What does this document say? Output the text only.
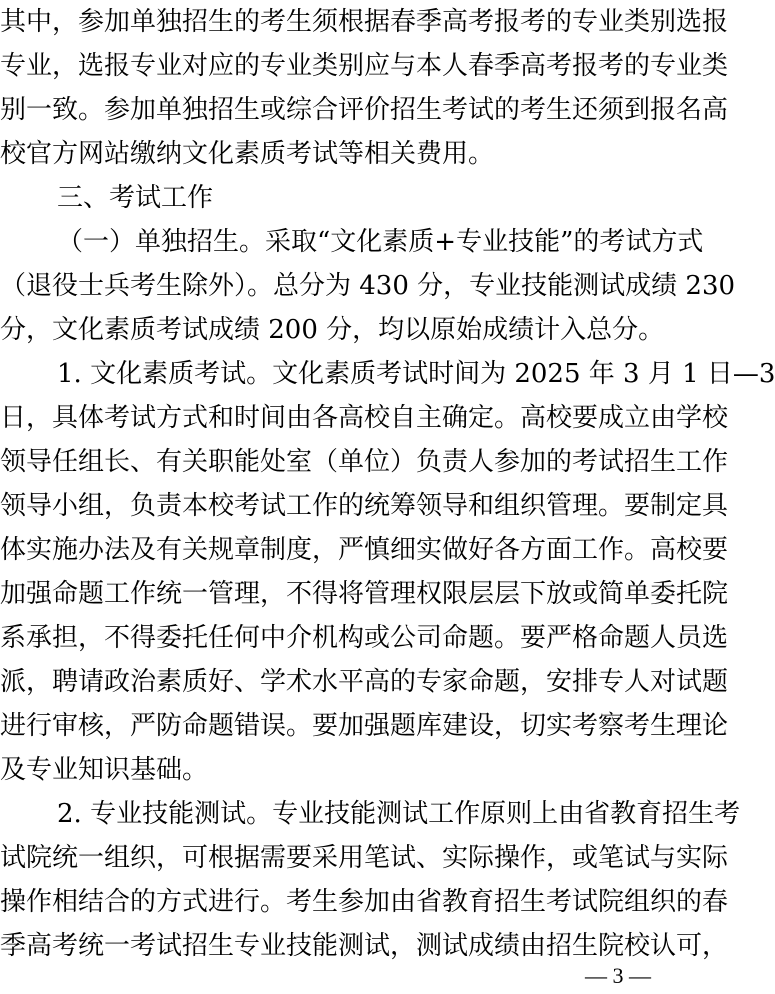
其中，参加单独招生的考生须根据春季高考报考的专业类别选报
专业，选报专业对应的专业类别应与本人春季高考报考的专业类
别一致。参加单独招生或综合评价招生考试的考生还须到报名高
校官方网站缴纳文化素质考试等相关费用。
三、考试工作
（一）单独招生。采取“文化素质+专业技能”的考试方式
（退役士兵考生除外）。总分为 430 分，专业技能测试成绩 230
分，文化素质考试成绩 200 分，均以原始成绩计入总分。
1. 文化素质考试。文化素质考试时间为 2025 年 3 月 1 日—3
日，具体考试方式和时间由各高校自主确定。高校要成立由学校
领导任组长、有关职能处室（单位）负责人参加的考试招生工作
领导小组，负责本校考试工作的统筹领导和组织管理。要制定具
体实施办法及有关规章制度，严慎细实做好各方面工作。高校要
加强命题工作统一管理，不得将管理权限层层下放或简单委托院
系承担，不得委托任何中介机构或公司命题。要严格命题人员选
派，聘请政治素质好、学术水平高的专家命题，安排专人对试题
进行审核，严防命题错误。要加强题库建设，切实考察考生理论
及专业知识基础。
2. 专业技能测试。专业技能测试工作原则上由省教育招生考
试院统一组织，可根据需要采用笔试、实际操作，或笔试与实际
操作相结合的方式进行。考生参加由省教育招生考试院组织的春
季高考统一考试招生专业技能测试，测试成绩由招生院校认可，
— 3 —
